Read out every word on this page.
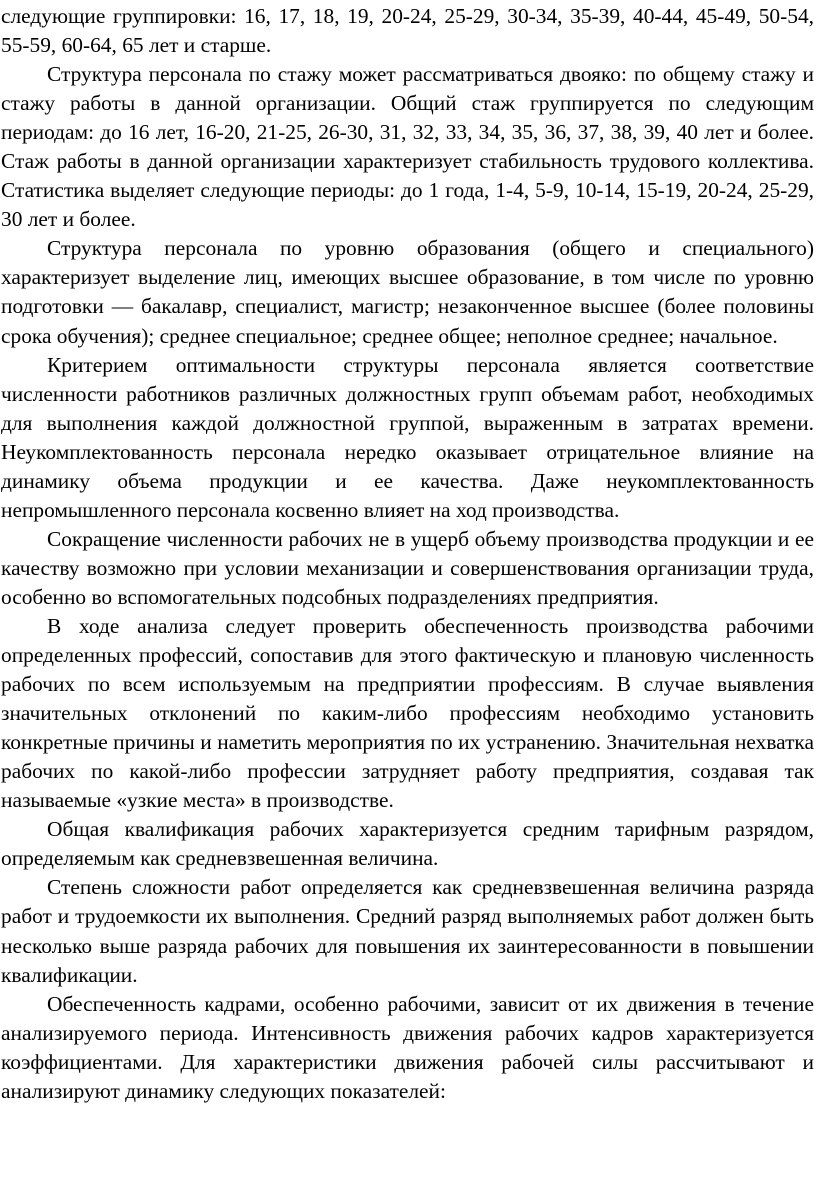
следующие группировки: 16, 17, 18, 19, 20-24, 25-29, 30-34, 35-39, 40-44, 45-49, 50-54, 55-59, 60-64, 65 лет и старше.

Структура персонала по стажу может рассматриваться двояко: по общему стажу и стажу работы в данной организации. Общий стаж группируется по следующим периодам: до 16 лет, 16-20, 21-25, 26-30, 31, 32, 33, 34, 35, 36, 37, 38, 39, 40 лет и более. Стаж работы в данной организации характеризует стабильность трудового коллектива. Статистика выделяет следующие периоды: до 1 года, 1-4, 5-9, 10-14, 15-19, 20-24, 25-29, 30 лет и более.

Структура персонала по уровню образования (общего и специального) характеризует выделение лиц, имеющих высшее образование, в том числе по уровню подготовки — бакалавр, специалист, магистр; незаконченное высшее (более половины срока обучения); среднее специальное; среднее общее; неполное среднее; начальное.

Критерием оптимальности структуры персонала является соответствие численности работников различных должностных групп объемам работ, необходимых для выполнения каждой должностной группой, выраженным в затратах времени. Неукомплектованность персонала нередко оказывает отрицательное влияние на динамику объема продукции и ее качества. Даже неукомплектованность непромышленного персонала косвенно влияет на ход производства.

Сокращение численности рабочих не в ущерб объему производства продукции и ее качеству возможно при условии механизации и совершенствования организации труда, особенно во вспомогательных подсобных подразделениях предприятия.

В ходе анализа следует проверить обеспеченность производства рабочими определенных профессий, сопоставив для этого фактическую и плановую численность рабочих по всем используемым на предприятии профессиям. В случае выявления значительных отклонений по каким-либо профессиям необходимо установить конкретные причины и наметить мероприятия по их устранению. Значительная нехватка рабочих по какой-либо профессии затрудняет работу предприятия, создавая так называемые «узкие места» в производстве.

Общая квалификация рабочих характеризуется средним тарифным разрядом, определяемым как средневзвешенная величина.

Степень сложности работ определяется как средневзвешенная величина разряда работ и трудоемкости их выполнения. Средний разряд выполняемых работ должен быть несколько выше разряда рабочих для повышения их заинтересованности в повышении квалификации.

Обеспеченность кадрами, особенно рабочими, зависит от их движения в течение анализируемого периода. Интенсивность движения рабочих кадров характеризуется коэффициентами. Для характеристики движения рабочей силы рассчитывают и анализируют динамику следующих показателей:
